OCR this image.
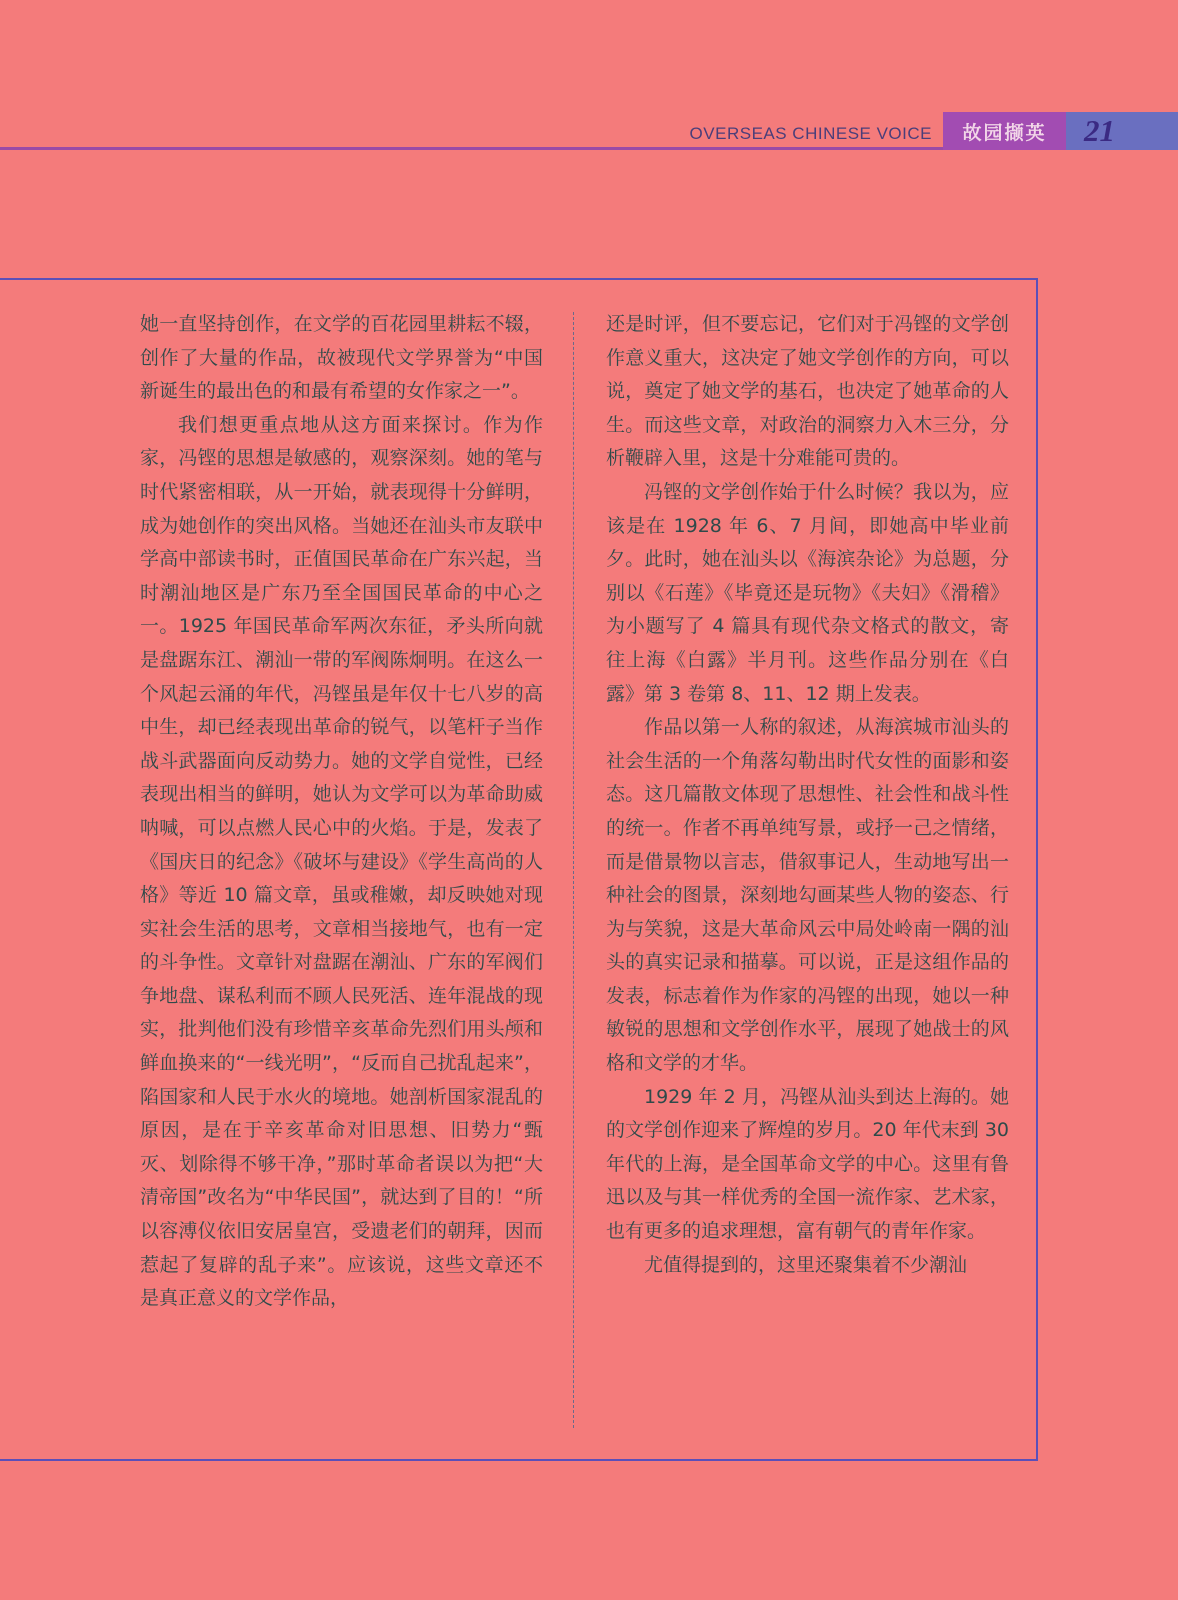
OVERSEAS CHINESE VOICE	故园撷英	21

她一直坚持创作，在文学的百花园里耕耘不辍，创作了大量的作品，故被现代文学界誉为“中国新诞生的最出色的和最有希望的女作家之一”。

我们想更重点地从这方面来探讨。作为作家，冯铿的思想是敏感的，观察深刻。她的笔与时代紧密相联，从一开始，就表现得十分鲜明，成为她创作的突出风格。当她还在汕头市友联中学高中部读书时，正值国民革命在广东兴起，当时潮汕地区是广东乃至全国国民革命的中心之一。1925 年国民革命军两次东征，矛头所向就是盘踞东江、潮汕一带的军阀陈炯明。在这么一个风起云涌的年代，冯铿虽是年仅十七八岁的高中生，却已经表现出革命的锐气，以笔杆子当作战斗武器面向反动势力。她的文学自觉性，已经表现出相当的鲜明，她认为文学可以为革命助威呐喊，可以点燃人民心中的火焰。于是，发表了《国庆日的纪念》《破坏与建设》《学生高尚的人格》等近 10 篇文章，虽或稚嫩，却反映她对现实社会生活的思考，文章相当接地气，也有一定的斗争性。文章针对盘踞在潮汕、广东的军阀们争地盘、谋私利而不顾人民死活、连年混战的现实，批判他们没有珍惜辛亥革命先烈们用头颅和鲜血换来的“一线光明”，“反而自己扰乱起来”，陷国家和人民于水火的境地。她剖析国家混乱的原因，是在于辛亥革命对旧思想、旧势力“甄灭、划除得不够干净，”那时革命者误以为把“大清帝国”改名为“中华民国”，就达到了目的！“所以容溥仪依旧安居皇宫，受遗老们的朝拜，因而惹起了复辟的乱子来”。应该说，这些文章还不是真正意义的文学作品，

还是时评，但不要忘记，它们对于冯铿的文学创作意义重大，这决定了她文学创作的方向，可以说，奠定了她文学的基石，也决定了她革命的人生。而这些文章，对政治的洞察力入木三分，分析鞭辟入里，这是十分难能可贵的。

冯铿的文学创作始于什么时候？我以为，应该是在 1928 年 6、7 月间，即她高中毕业前夕。此时，她在汕头以《海滨杂论》为总题，分别以《石莲》《毕竟还是玩物》《夫妇》《滑稽》为小题写了 4 篇具有现代杂文格式的散文，寄往上海《白露》半月刊。这些作品分别在《白露》第 3 卷第 8、11、12 期上发表。

作品以第一人称的叙述，从海滨城市汕头的社会生活的一个角落勾勒出时代女性的面影和姿态。这几篇散文体现了思想性、社会性和战斗性的统一。作者不再单纯写景，或抒一己之情绪，而是借景物以言志，借叙事记人，生动地写出一种社会的图景，深刻地勾画某些人物的姿态、行为与笑貌，这是大革命风云中局处岭南一隅的汕头的真实记录和描摹。可以说，正是这组作品的发表，标志着作为作家的冯铿的出现，她以一种敏锐的思想和文学创作水平，展现了她战士的风格和文学的才华。

1929 年 2 月，冯铿从汕头到达上海的。她的文学创作迎来了辉煌的岁月。20 年代末到 30 年代的上海，是全国革命文学的中心。这里有鲁迅以及与其一样优秀的全国一流作家、艺术家，也有更多的追求理想，富有朝气的青年作家。

尤值得提到的，这里还聚集着不少潮汕
